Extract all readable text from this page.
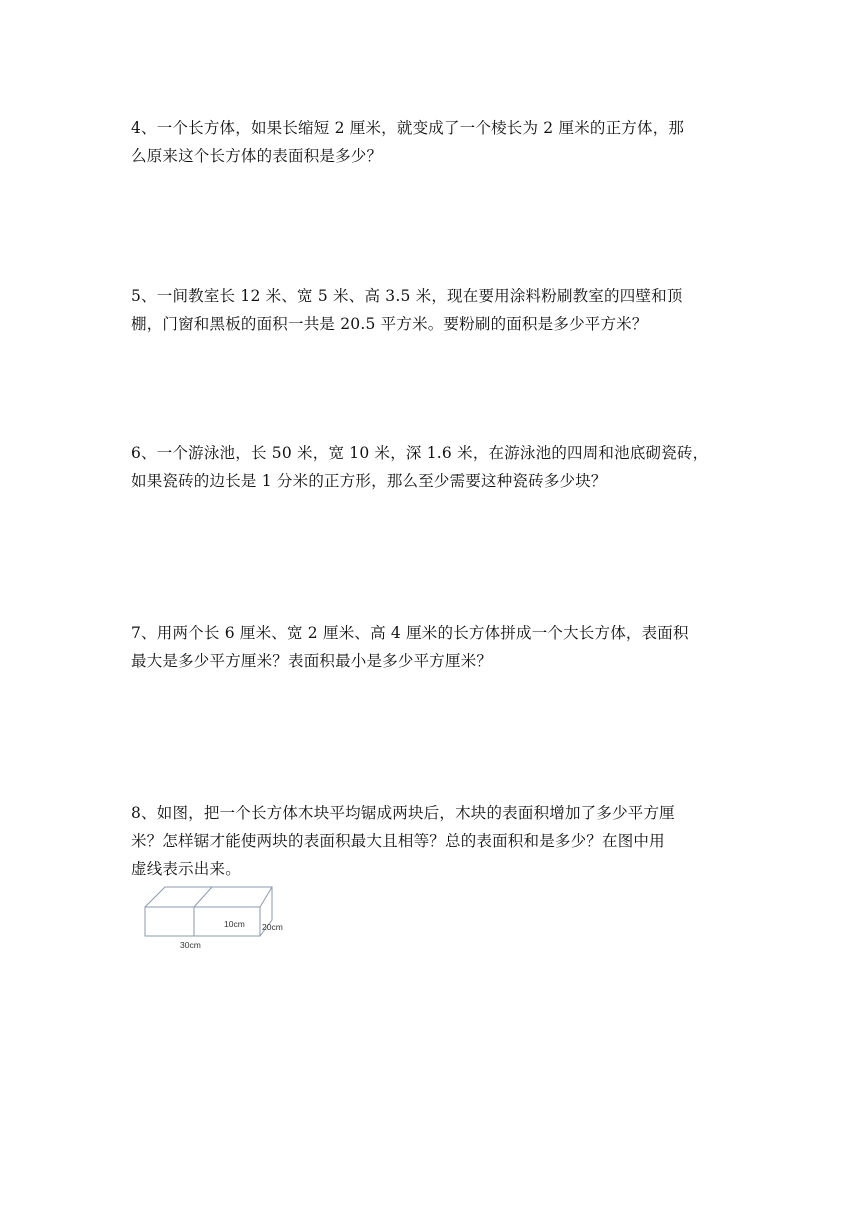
4、一个长方体，如果长缩短 2 厘米，就变成了一个棱长为 2 厘米的正方体，那
么原来这个长方体的表面积是多少？
5、一间教室长 12 米、宽 5 米、高 3.5 米，现在要用涂料粉刷教室的四壁和顶
棚，门窗和黑板的面积一共是 20.5 平方米。要粉刷的面积是多少平方米？
6、一个游泳池，长 50 米，宽 10 米，深 1.6 米，在游泳池的四周和池底砌瓷砖，
如果瓷砖的边长是 1 分米的正方形，那么至少需要这种瓷砖多少块？
7、用两个长 6 厘米、宽 2 厘米、高 4 厘米的长方体拼成一个大长方体，表面积
最大是多少平方厘米？表面积最小是多少平方厘米？
8、如图，把一个长方体木块平均锯成两块后，木块的表面积增加了多少平方厘
米？怎样锯才能使两块的表面积最大且相等？总的表面积和是多少？在图中用
虚线表示出来。
10cm 20cm
30cm
